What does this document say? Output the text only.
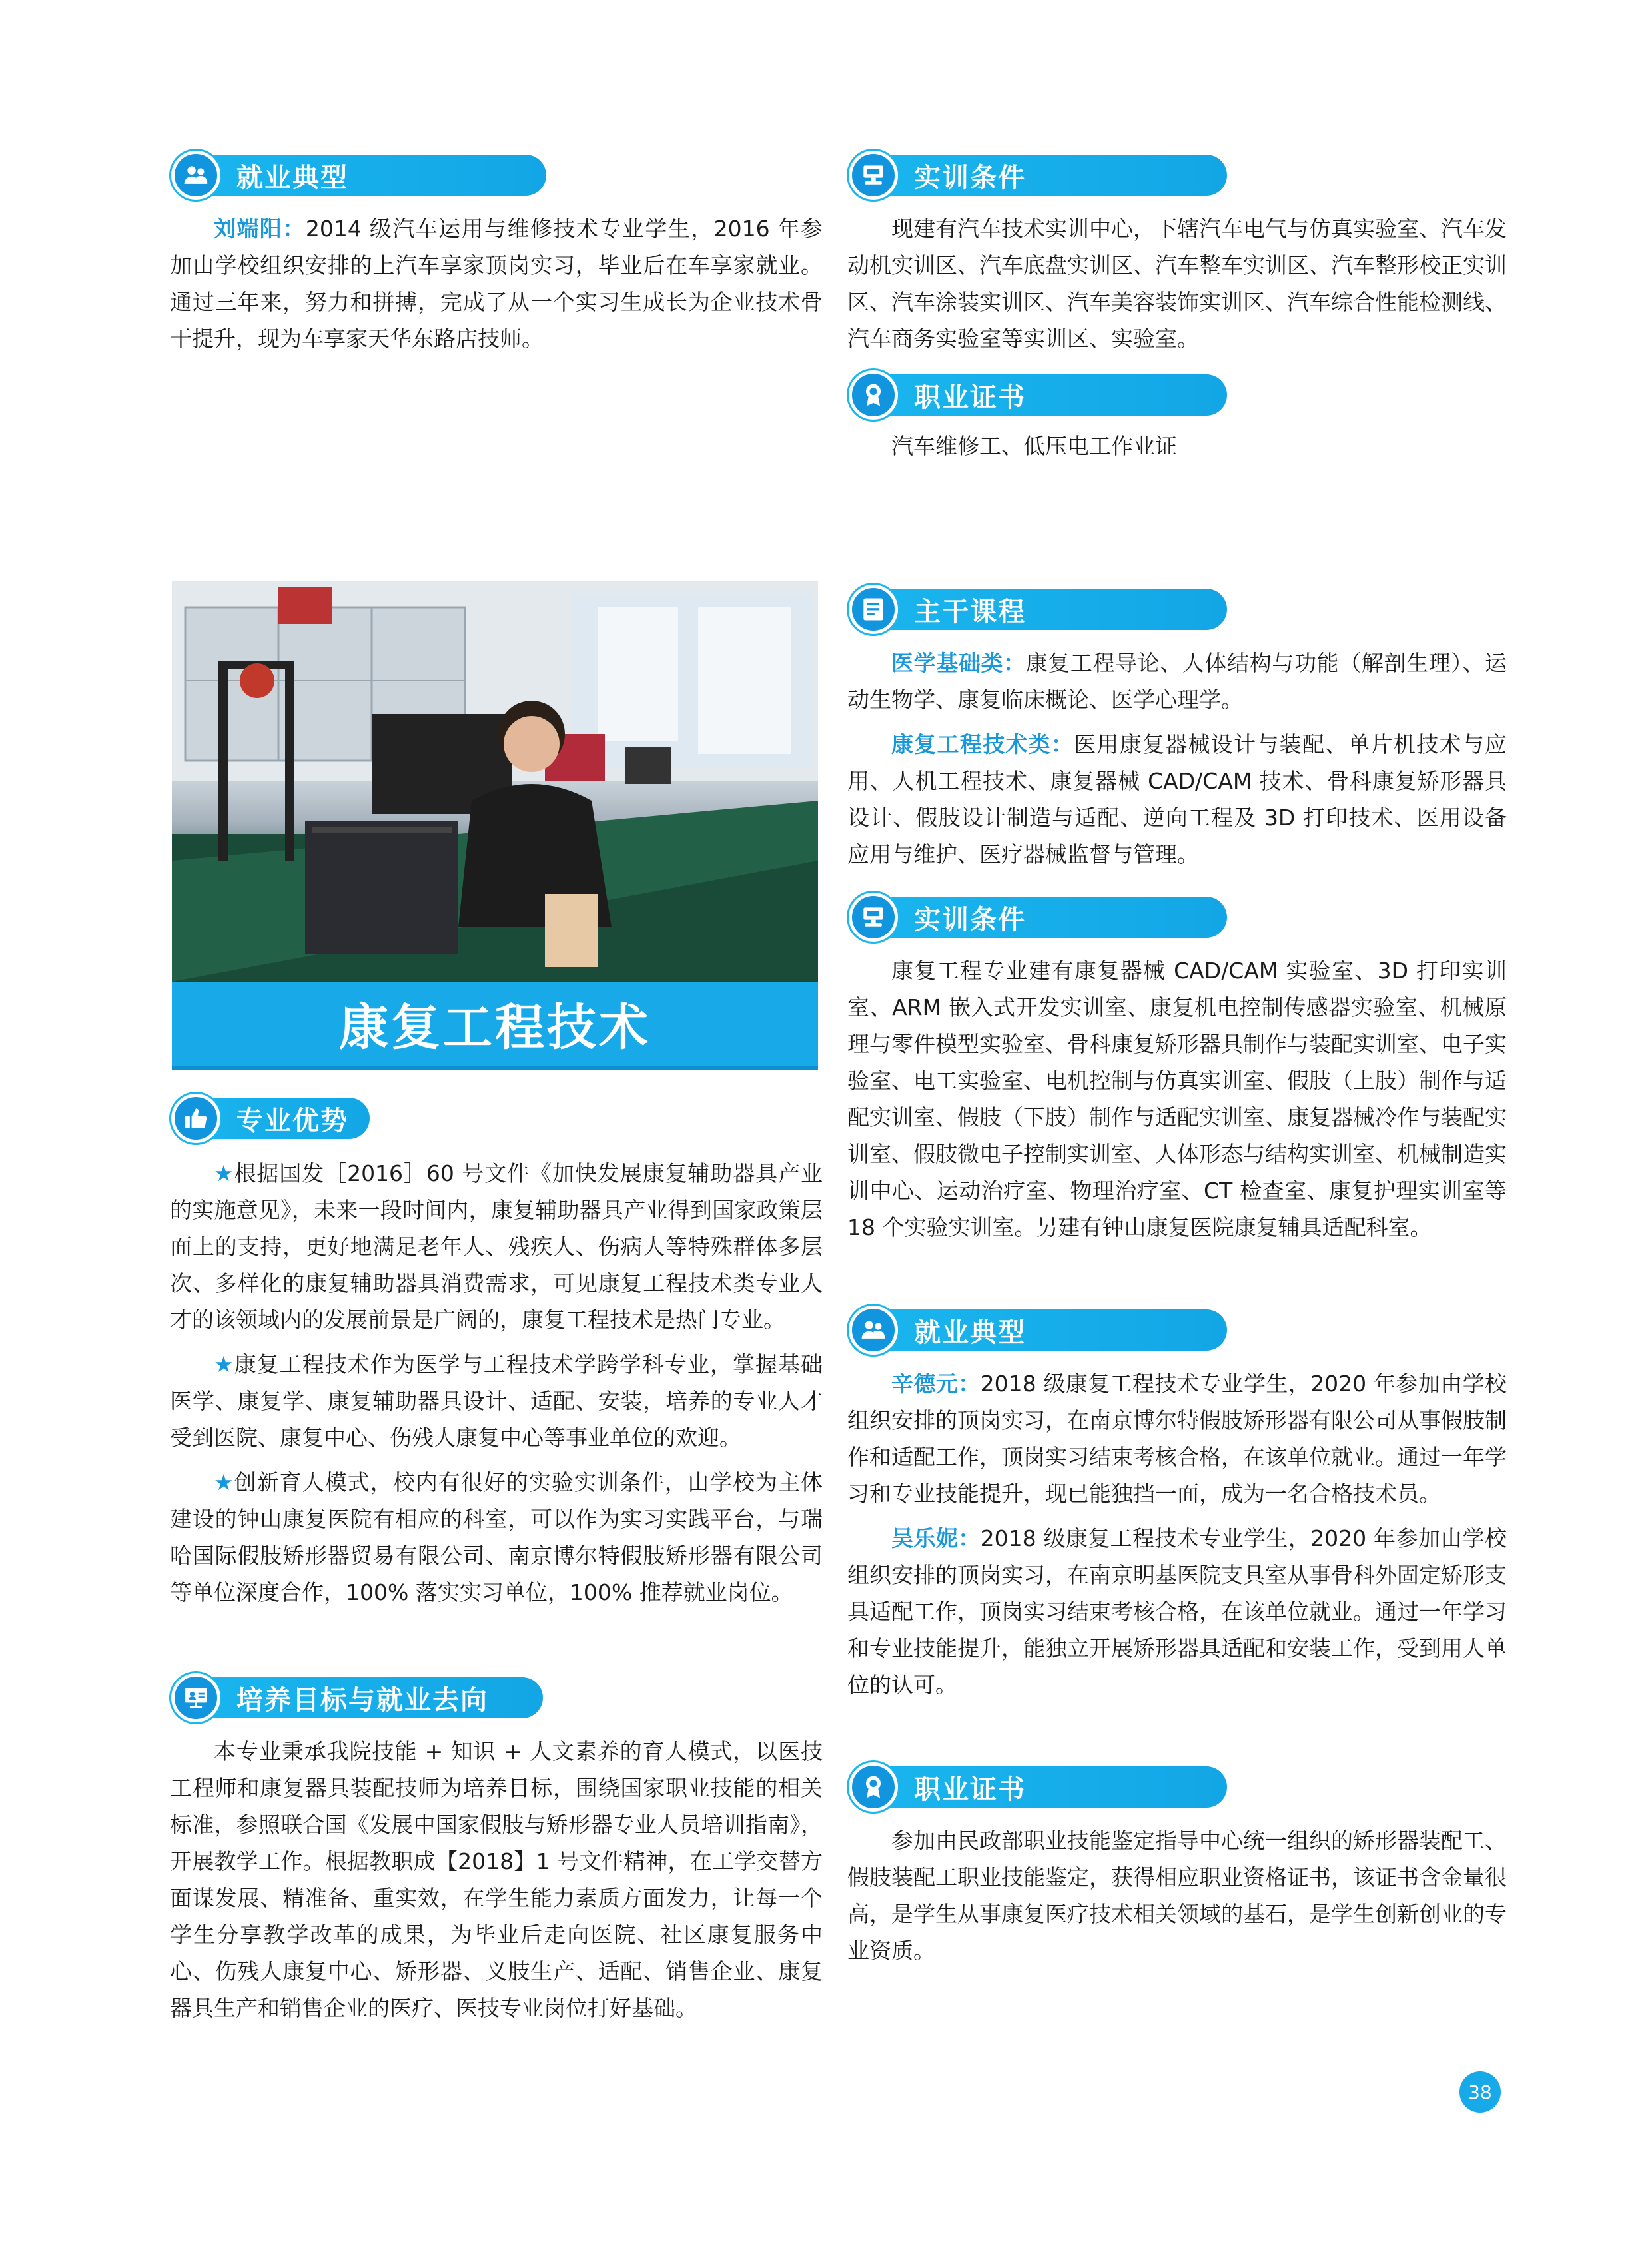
就业典型

刘端阳：2014 级汽车运用与维修技术专业学生，2016 年参加由学校组织安排的上汽车享家顶岗实习，毕业后在车享家就业。通过三年来，努力和拼搏，完成了从一个实习生成长为企业技术骨干提升，现为车享家天华东路店技师。

实训条件

现建有汽车技术实训中心，下辖汽车电气与仿真实验室、汽车发动机实训区、汽车底盘实训区、汽车整车实训区、汽车整形校正实训区、汽车涂装实训区、汽车美容装饰实训区、汽车综合性能检测线、汽车商务实验室等实训区、实验室。

职业证书

汽车维修工、低压电工作业证

康复工程技术
专业优势

★根据国发［2016］60 号文件《加快发展康复辅助器具产业的实施意见》，未来一段时间内，康复辅助器具产业得到国家政策层面上的支持，更好地满足老年人、残疾人、伤病人等特殊群体多层次、多样化的康复辅助器具消费需求，可见康复工程技术类专业人才的该领域内的发展前景是广阔的，康复工程技术是热门专业。

★康复工程技术作为医学与工程技术学跨学科专业，掌握基础医学、康复学、康复辅助器具设计、适配、安装，培养的专业人才受到医院、康复中心、伤残人康复中心等事业单位的欢迎。

★创新育人模式，校内有很好的实验实训条件，由学校为主体建设的钟山康复医院有相应的科室，可以作为实习实践平台，与瑞哈国际假肢矫形器贸易有限公司、南京博尔特假肢矫形器有限公司等单位深度合作，100% 落实实习单位，100% 推荐就业岗位。

培养目标与就业去向

本专业秉承我院技能 + 知识 + 人文素养的育人模式，以医技工程师和康复器具装配技师为培养目标，围绕国家职业技能的相关标准，参照联合国《发展中国家假肢与矫形器专业人员培训指南》，开展教学工作。根据教职成【2018】1 号文件精神，在工学交替方面谋发展、精准备、重实效，在学生能力素质方面发力，让每一个学生分享教学改革的成果，为毕业后走向医院、社区康复服务中心、伤残人康复中心、矫形器、义肢生产、适配、销售企业、康复器具生产和销售企业的医疗、医技专业岗位打好基础。

主干课程

医学基础类：康复工程导论、人体结构与功能（解剖生理）、运动生物学、康复临床概论、医学心理学。

康复工程技术类：医用康复器械设计与装配、单片机技术与应用、人机工程技术、康复器械 CAD/CAM 技术、骨科康复矫形器具设计、假肢设计制造与适配、逆向工程及 3D 打印技术、医用设备应用与维护、医疗器械监督与管理。

实训条件

康复工程专业建有康复器械 CAD/CAM 实验室、3D 打印实训室、ARM 嵌入式开发实训室、康复机电控制传感器实验室、机械原理与零件模型实验室、骨科康复矫形器具制作与装配实训室、电子实验室、电工实验室、电机控制与仿真实训室、假肢（上肢）制作与适配实训室、假肢（下肢）制作与适配实训室、康复器械冷作与装配实训室、假肢微电子控制实训室、人体形态与结构实训室、机械制造实训中心、运动治疗室、物理治疗室、CT 检查室、康复护理实训室等 18 个实验实训室。另建有钟山康复医院康复辅具适配科室。

就业典型

辛德元：2018 级康复工程技术专业学生，2020 年参加由学校组织安排的顶岗实习，在南京博尔特假肢矫形器有限公司从事假肢制作和适配工作，顶岗实习结束考核合格，在该单位就业。通过一年学习和专业技能提升，现已能独挡一面，成为一名合格技术员。

吴乐妮：2018 级康复工程技术专业学生，2020 年参加由学校组织安排的顶岗实习，在南京明基医院支具室从事骨科外固定矫形支具适配工作，顶岗实习结束考核合格，在该单位就业。通过一年学习和专业技能提升，能独立开展矫形器具适配和安装工作，受到用人单位的认可。

职业证书

参加由民政部职业技能鉴定指导中心统一组织的矫形器装配工、假肢装配工职业技能鉴定，获得相应职业资格证书，该证书含金量很高，是学生从事康复医疗技术相关领域的基石，是学生创新创业的专业资质。

38
